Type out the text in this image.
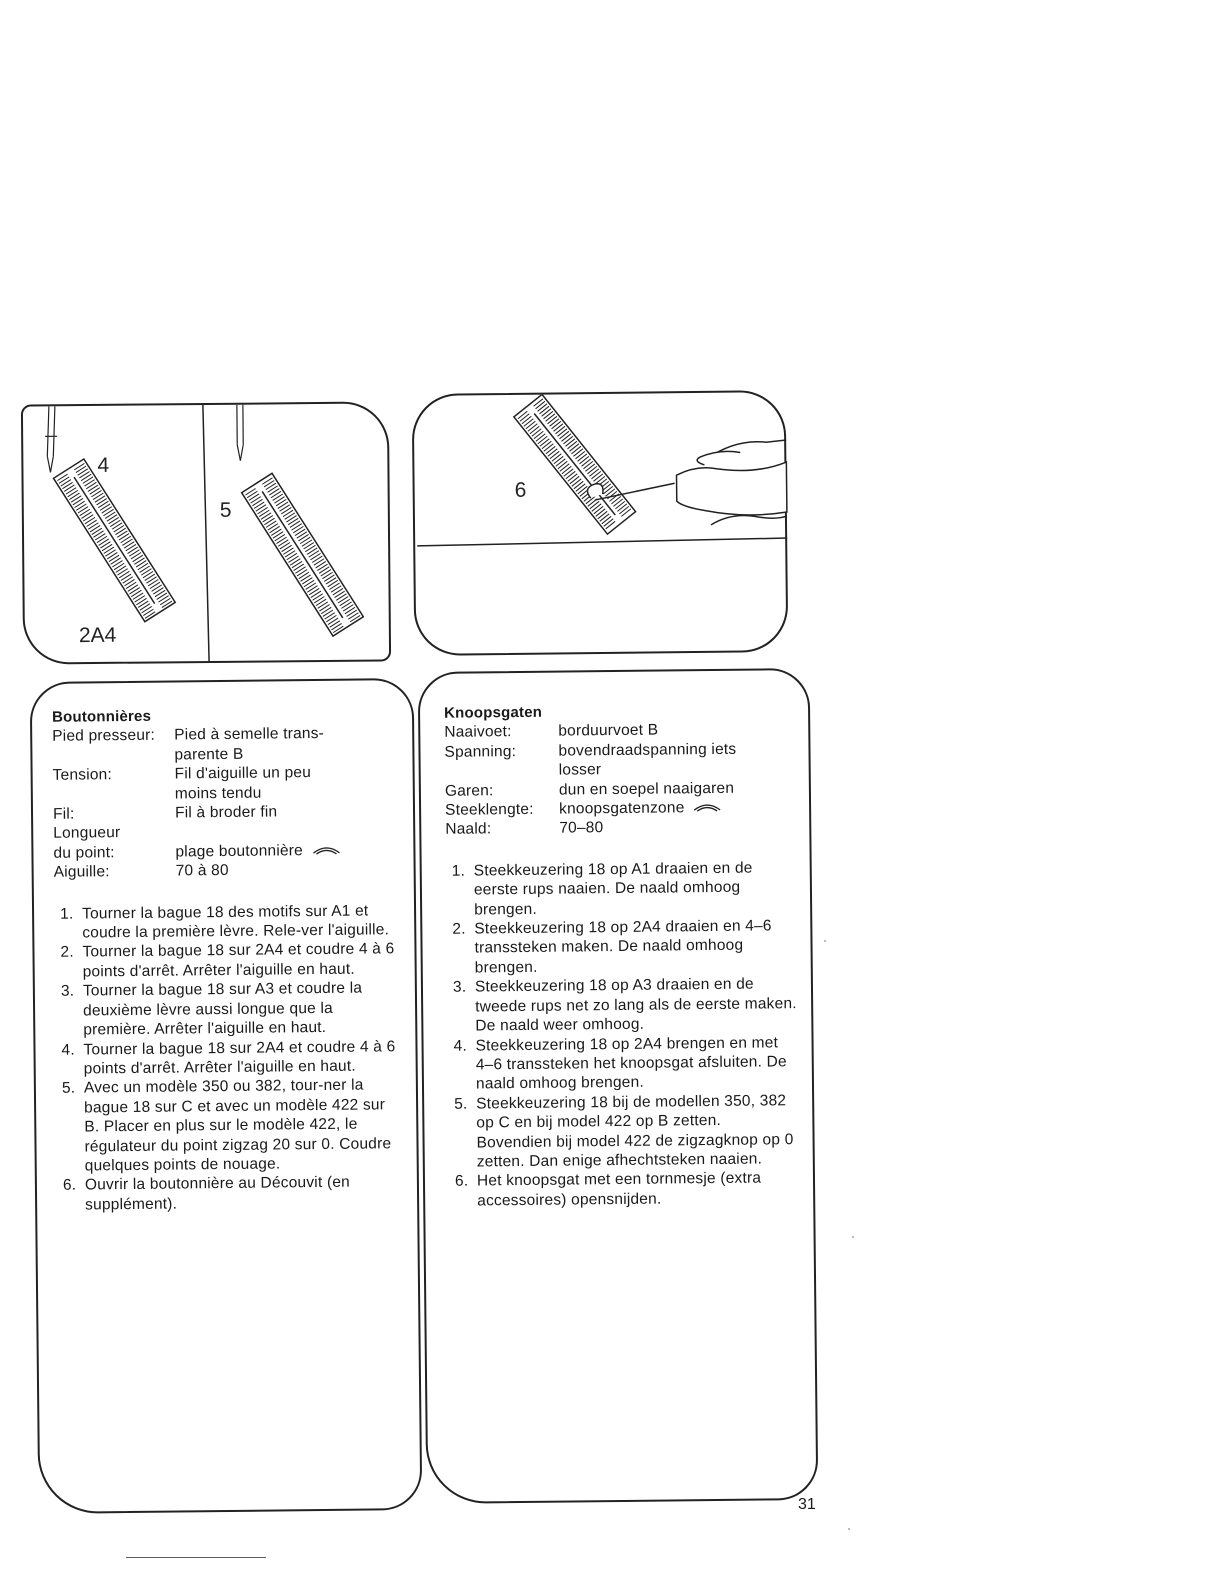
4
5
2A4
6
Boutonnières
Pied presseur:	Pied à semelle trans-
parente B
Tension:	Fil d'aiguille un peu
moins tendu
Fil:	Fil à broder fin
Longueur
du point:	plage boutonnière
Aiguille:	70 à 80
1. Tourner la bague 18 des motifs sur A1 et coudre la première lèvre. Rele-ver l'aiguille.
2. Tourner la bague 18 sur 2A4 et coudre 4 à 6 points d'arrêt. Arrêter l'aiguille en haut.
3. Tourner la bague 18 sur A3 et coudre la deuxième lèvre aussi longue que la première. Arrêter l'aiguille en haut.
4. Tourner la bague 18 sur 2A4 et coudre 4 à 6 points d'arrêt. Arrêter l'aiguille en haut.
5. Avec un modèle 350 ou 382, tour-ner la bague 18 sur C et avec un modèle 422 sur B. Placer en plus sur le modèle 422, le régulateur du point zigzag 20 sur 0. Coudre quelques points de nouage.
6. Ouvrir la boutonnière au Découvit (en supplément).
Knoopsgaten
Naaivoet:	borduurvoet B
Spanning:	bovendraadspanning iets
losser
Garen:	dun en soepel naaigaren
Steeklengte:	knoopsgatenzone
Naald:	70–80
1. Steekkeuzering 18 op A1 draaien en de eerste rups naaien. De naald omhoog brengen.
2. Steekkeuzering 18 op 2A4 draaien en 4–6 transsteken maken. De naald omhoog brengen.
3. Steekkeuzering 18 op A3 draaien en de tweede rups net zo lang als de eerste maken. De naald weer omhoog.
4. Steekkeuzering 18 op 2A4 brengen en met 4–6 transsteken het knoopsgat afsluiten. De naald omhoog brengen.
5. Steekkeuzering 18 bij de modellen 350, 382 op C en bij model 422 op B zetten. Bovendien bij model 422 de zigzagknop op 0 zetten. Dan enige afhechtsteken naaien.
6. Het knoopsgat met een tornmesje (extra accessoires) opensnijden.
31
